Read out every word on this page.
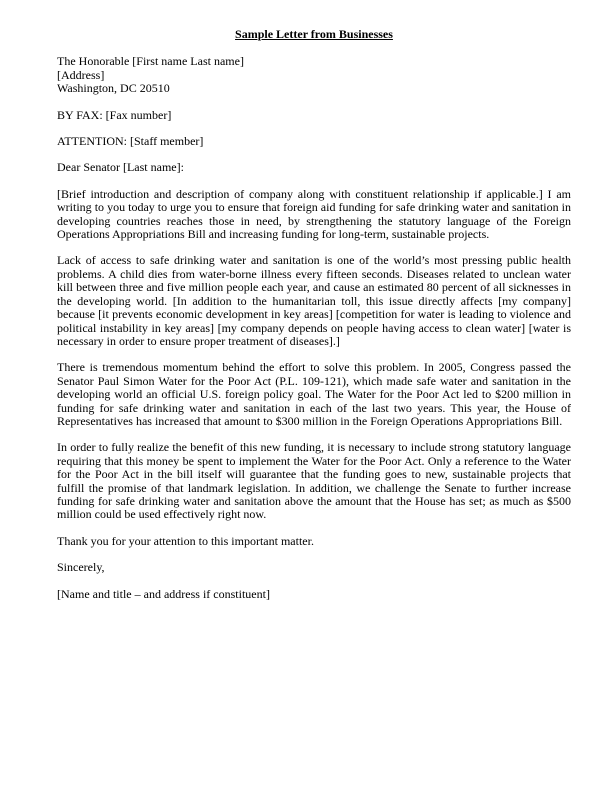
Sample Letter from Businesses
The Honorable [First name Last name]
[Address]
Washington, DC 20510
BY FAX: [Fax number]
ATTENTION: [Staff member]
Dear Senator [Last name]:
[Brief introduction and description of company along with constituent relationship if applicable.] I am writing to you today to urge you to ensure that foreign aid funding for safe drinking water and sanitation in developing countries reaches those in need, by strengthening the statutory language of the Foreign Operations Appropriations Bill and increasing funding for long-term, sustainable projects.
Lack of access to safe drinking water and sanitation is one of the world’s most pressing public health problems. A child dies from water-borne illness every fifteen seconds. Diseases related to unclean water kill between three and five million people each year, and cause an estimated 80 percent of all sicknesses in the developing world. [In addition to the humanitarian toll, this issue directly affects [my company] because [it prevents economic development in key areas] [competition for water is leading to violence and political instability in key areas] [my company depends on people having access to clean water] [water is necessary in order to ensure proper treatment of diseases].]
There is tremendous momentum behind the effort to solve this problem. In 2005, Congress passed the Senator Paul Simon Water for the Poor Act (P.L. 109-121), which made safe water and sanitation in the developing world an official U.S. foreign policy goal. The Water for the Poor Act led to $200 million in funding for safe drinking water and sanitation in each of the last two years. This year, the House of Representatives has increased that amount to $300 million in the Foreign Operations Appropriations Bill.
In order to fully realize the benefit of this new funding, it is necessary to include strong statutory language requiring that this money be spent to implement the Water for the Poor Act. Only a reference to the Water for the Poor Act in the bill itself will guarantee that the funding goes to new, sustainable projects that fulfill the promise of that landmark legislation. In addition, we challenge the Senate to further increase funding for safe drinking water and sanitation above the amount that the House has set; as much as $500 million could be used effectively right now.
Thank you for your attention to this important matter.
Sincerely,
[Name and title – and address if constituent]
